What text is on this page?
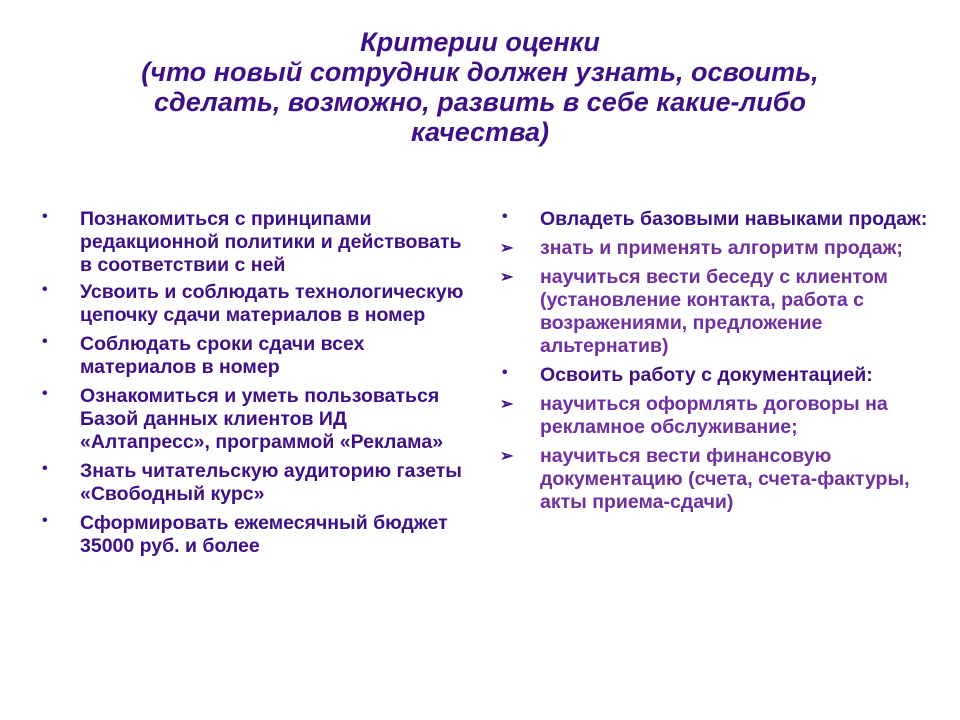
Критерии оценки
(что новый сотрудник должен узнать, освоить,
сделать, возможно, развить в себе какие-либо
качества)
•	Познакомиться с принципами редакционной политики и действовать в соответствии с ней
•	Усвоить и соблюдать технологическую цепочку сдачи материалов в номер
•	Соблюдать сроки сдачи всех материалов в номер
•	Ознакомиться и уметь пользоваться Базой данных клиентов ИД «Алтапресс», программой «Реклама»
•	Знать читательскую аудиторию газеты «Свободный курс»
•	Сформировать ежемесячный бюджет 35000 руб. и более
•	Овладеть базовыми навыками продаж:
➢	знать и применять алгоритм продаж;
➢	научиться вести беседу с клиентом (установление контакта, работа с возражениями, предложение альтернатив)
•	Освоить работу с документацией:
➢	научиться оформлять договоры на рекламное обслуживание;
➢	научиться вести финансовую документацию (счета, счета-фактуры, акты приема-сдачи)
